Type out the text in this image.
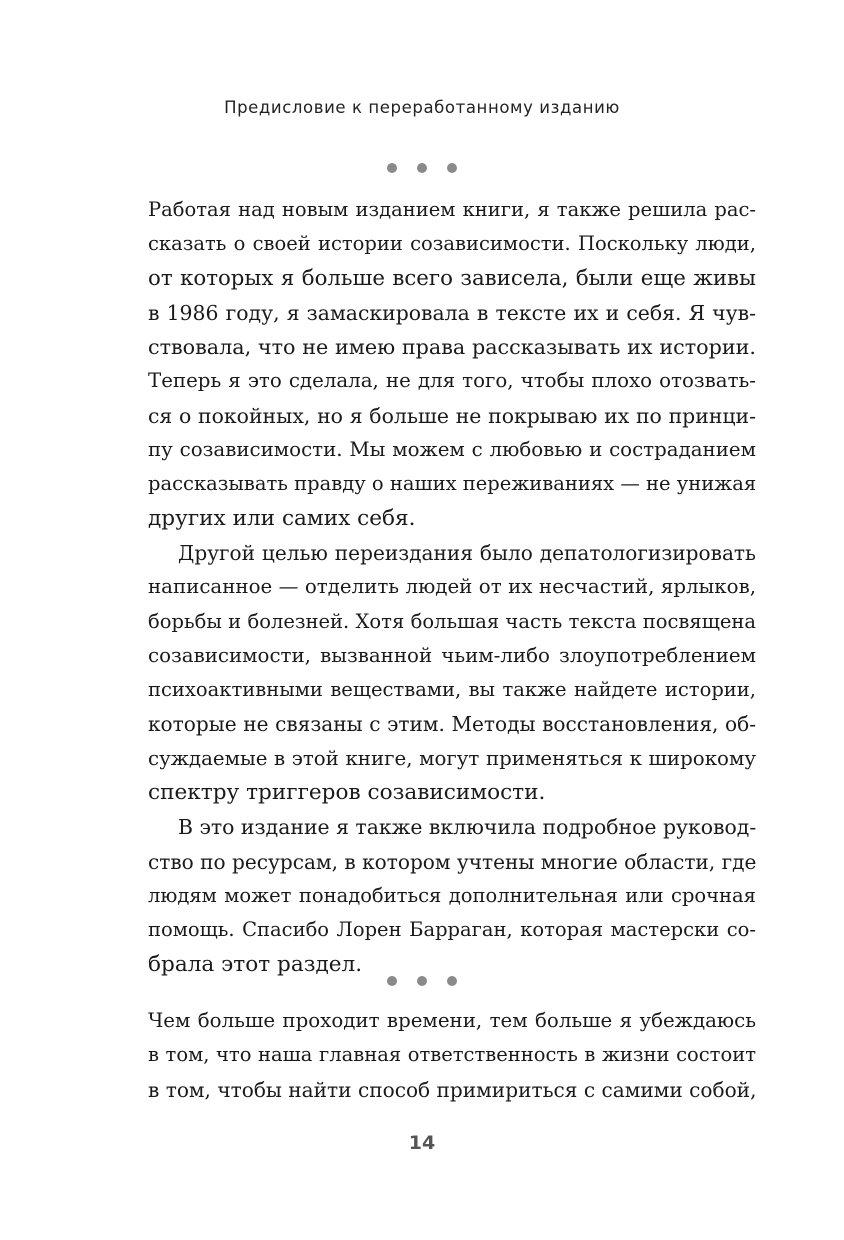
Предисловие к переработанному изданию
Работая над новым изданием книги, я также решила рас-
сказать о своей истории созависимости. Поскольку люди,
от которых я больше всего зависела, были еще живы
в 1986 году, я замаскировала в тексте их и себя. Я чув-
ствовала, что не имею права рассказывать их истории.
Теперь я это сделала, не для того, чтобы плохо отозвать-
ся о покойных, но я больше не покрываю их по принци-
пу созависимости. Мы можем с любовью и состраданием
рассказывать правду о наших переживаниях — не унижая
других или самих себя.
Другой целью переиздания было депатологизировать
написанное — отделить людей от их несчастий, ярлыков,
борьбы и болезней. Хотя большая часть текста посвящена
созависимости, вызванной чьим-либо злоупотреблением
психоактивными веществами, вы также найдете истории,
которые не связаны с этим. Методы восстановления, об-
суждаемые в этой книге, могут применяться к широкому
спектру триггеров созависимости.
В это издание я также включила подробное руковод-
ство по ресурсам, в котором учтены многие области, где
людям может понадобиться дополнительная или срочная
помощь. Спасибо Лорен Барраган, которая мастерски со-
брала этот раздел.
Чем больше проходит времени, тем больше я убеждаюсь
в том, что наша главная ответственность в жизни состоит
в том, чтобы найти способ примириться с самими собой,
14
